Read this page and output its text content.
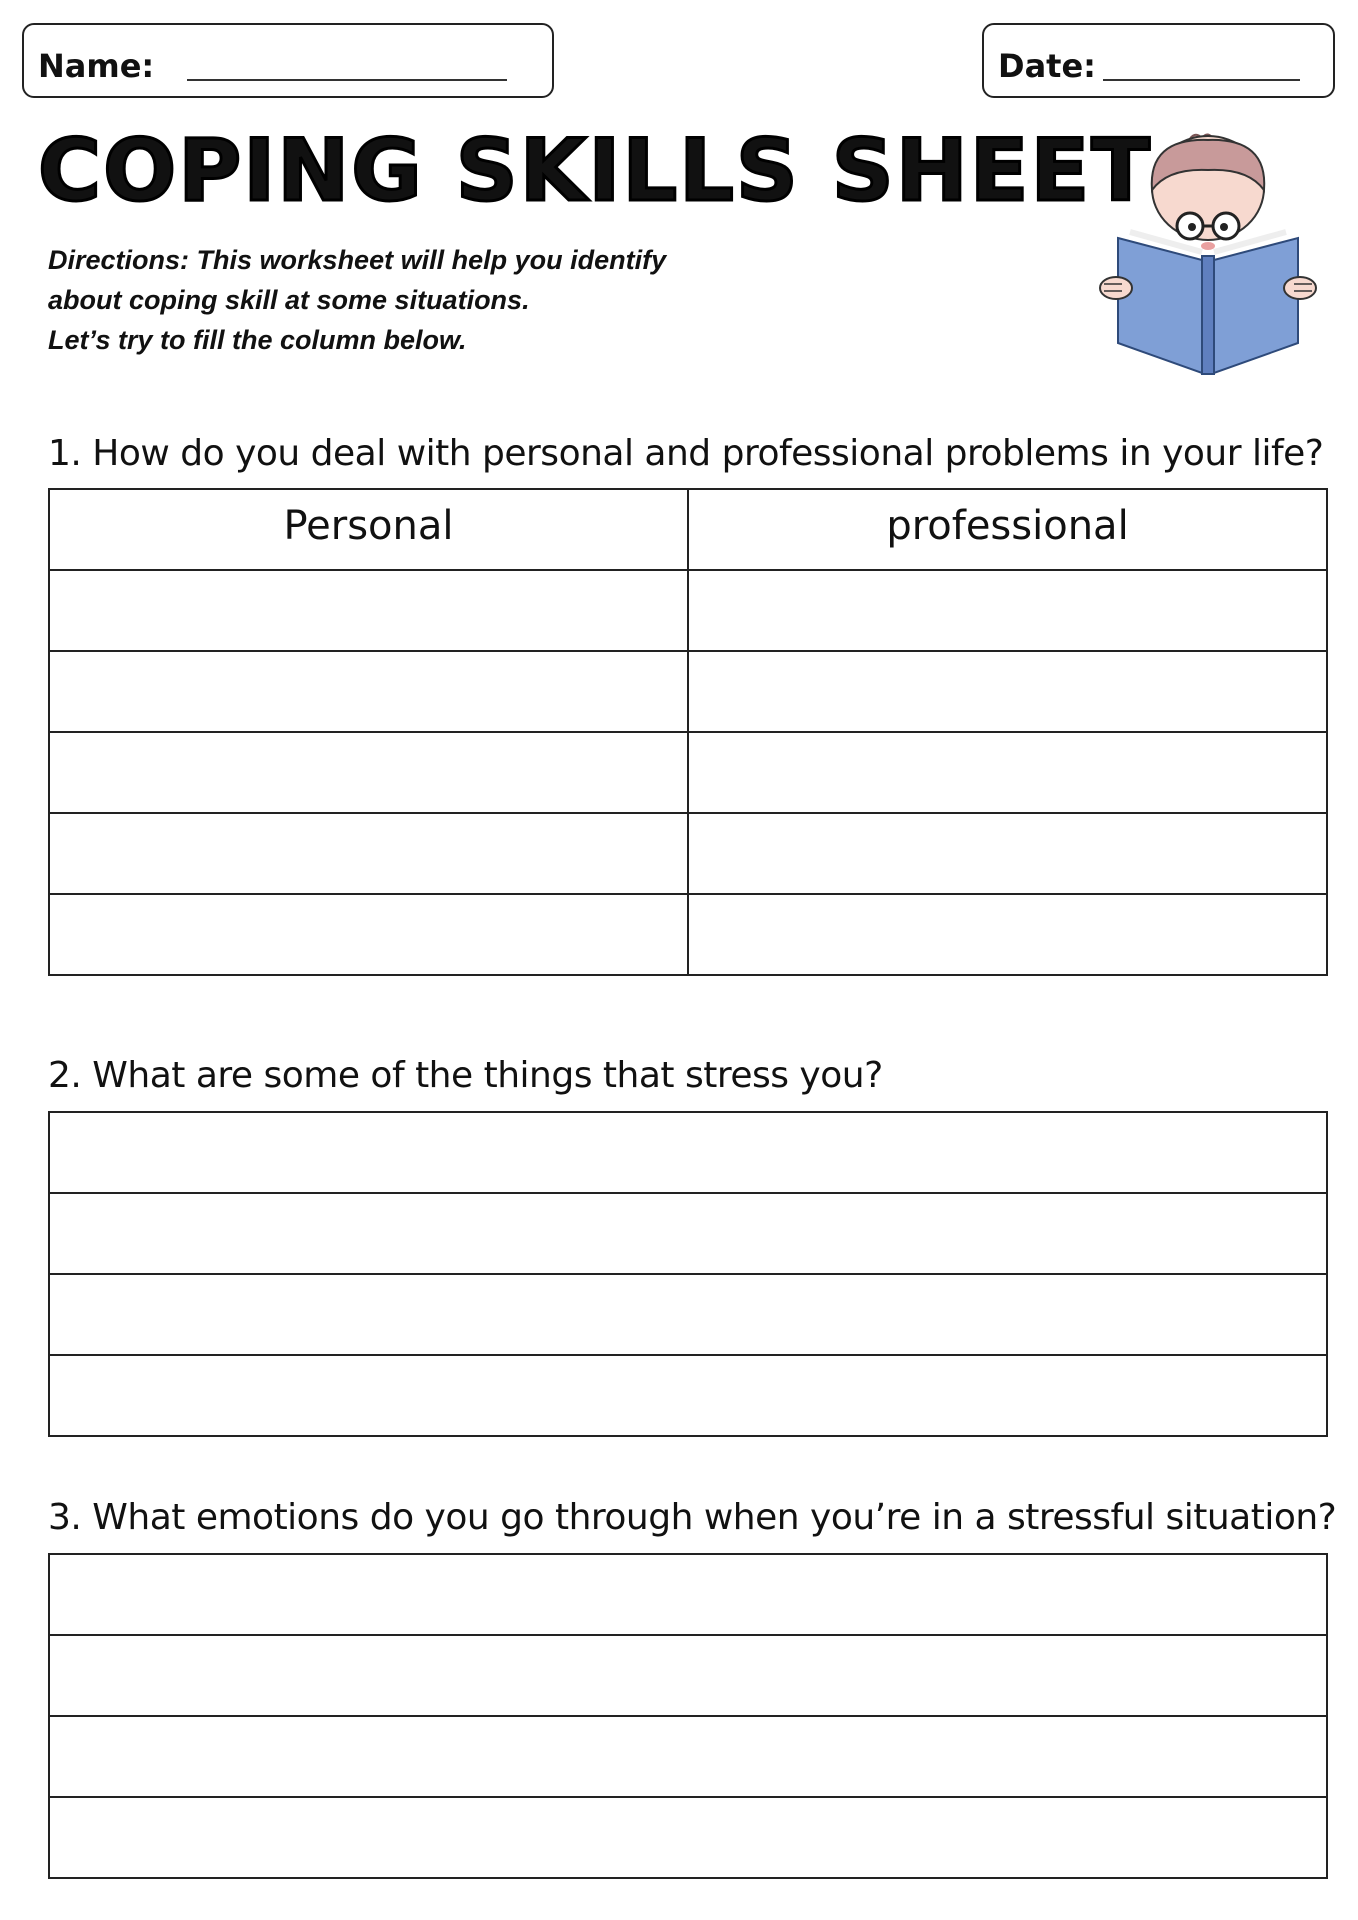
Name:	Date:
COPING SKILLS SHEET
Directions: This worksheet will help you identify
about coping skill at some situations.
Let’s try to fill the column below.
1. How do you deal with personal and professional problems in your life?
Personal	professional

2. What are some of the things that stress you?

3. What emotions do you go through when you’re in a stressful situation?
